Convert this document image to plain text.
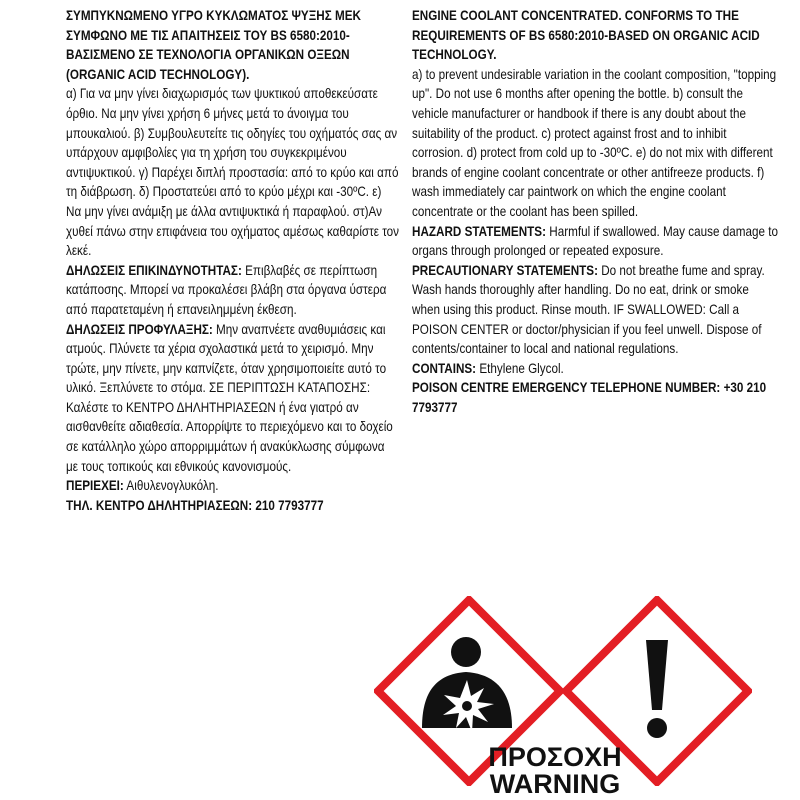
ΣΥΜΠΥΚΝΩΜΕΝΟ ΥΓΡΟ ΚΥΚΛΩΜΑΤΟΣ ΨΥΞΗΣ ΜΕΚ ΣΥΜΦΩΝΟ ΜΕ ΤΙΣ ΑΠΑΙΤΗΣΕΙΣ ΤΟΥ BS 6580:2010-ΒΑΣΙΣΜΕΝΟ ΣΕ ΤΕΧΝΟΛΟΓΙΑ ΟΡΓΑΝΙΚΩΝ ΟΞΕΩΝ (ORGANIC ACID TECHNOLOGY).

α) Για να μην γίνει διαχωρισμός των ψυκτικού αποθεκεύσατε όρθιο. Να μην γίνει χρήση 6 μήνες μετά το άνοιγμα του μπουκαλιού. β) Συμβουλευτείτε τις οδηγίες του οχήματός σας αν υπάρχουν αμφιβολίες για τη χρήση του συγκεκριμένου αντιψυκτικού. γ) Παρέχει διπλή προστασία: από το κρύο και από τη διάβρωση. δ) Προστατεύει από το κρύο μέχρι και -30ºC. ε) Να μην γίνει ανάμιξη με άλλα αντιψυκτικά ή παραφλού. στ)Αν χυθεί πάνω στην επιφάνεια του οχήματος αμέσως καθαρίστε τον λεκέ.

ΔΗΛΩΣΕΙΣ ΕΠΙΚΙΝΔΥΝΟΤΗΤΑΣ: Επιβλαβές σε περίπτωση κατάποσης. Μπορεί να προκαλέσει βλάβη στα όργανα ύστερα από παρατεταμένη ή επανειλημμένη έκθεση.

ΔΗΛΩΣΕΙΣ ΠΡΟΦΥΛΑΞΗΣ: Μην αναπνέετε αναθυμιάσεις και ατμούς. Πλύνετε τα χέρια σχολαστικά μετά το χειρισμό. Μην τρώτε, μην πίνετε, μην καπνίζετε, όταν χρησιμοποιείτε αυτό το υλικό. Ξεπλύνετε το στόμα. ΣΕ ΠΕΡΙΠΤΩΣΗ ΚΑΤΑΠΟΣΗΣ: Καλέστε το ΚΕΝΤΡΟ ΔΗΛΗΤΗΡΙΑΣΕΩΝ ή ένα γιατρό αν αισθανθείτε αδιαθεσία. Απορρίψτε το περιεχόμενο και το δοχείο σε κατάλληλο χώρο απορριμμάτων ή ανακύκλωσης σύμφωνα με τους τοπικούς και εθνικούς κανονισμούς.

ΠΕΡΙΕΧΕΙ: Αιθυλενογλυκόλη.

ΤΗΛ. ΚΕΝΤΡΟ ΔΗΛΗΤΗΡΙΑΣΕΩΝ: 210 7793777

ENGINE COOLANT CONCENTRATED. CONFORMS TO THE REQUIREMENTS OF BS 6580:2010-BASED ON ORGANIC ACID TECHNOLOGY.

a) to prevent undesirable variation in the coolant composition, "topping up". Do not use 6 months after opening the bottle. b) consult the vehicle manufacturer or handbook if there is any doubt about the suitability of the product. c) protect against frost and to inhibit corrosion. d) protect from cold up to -30ºC. e) do not mix with different brands of engine coolant concentrate or other antifreeze products. f) wash immediately car paintwork on which the engine coolant concentrate or the coolant has been spilled.

HAZARD STATEMENTS: Harmful if swallowed. May cause damage to organs through prolonged or repeated exposure.

PRECAUTIONARY STATEMENTS: Do not breathe fume and spray. Wash hands thoroughly after handling. Do no eat, drink or smoke when using this product. Rinse mouth. IF SWALLOWED: Call a POISON CENTER or doctor/physician if you feel unwell. Dispose of contents/container to local and national regulations.

CONTAINS: Ethylene Glycol.

POISON CENTRE EMERGENCY TELEPHONE NUMBER: +30 210 7793777

ΠΡΟΣΟΧΗ
WARNING
